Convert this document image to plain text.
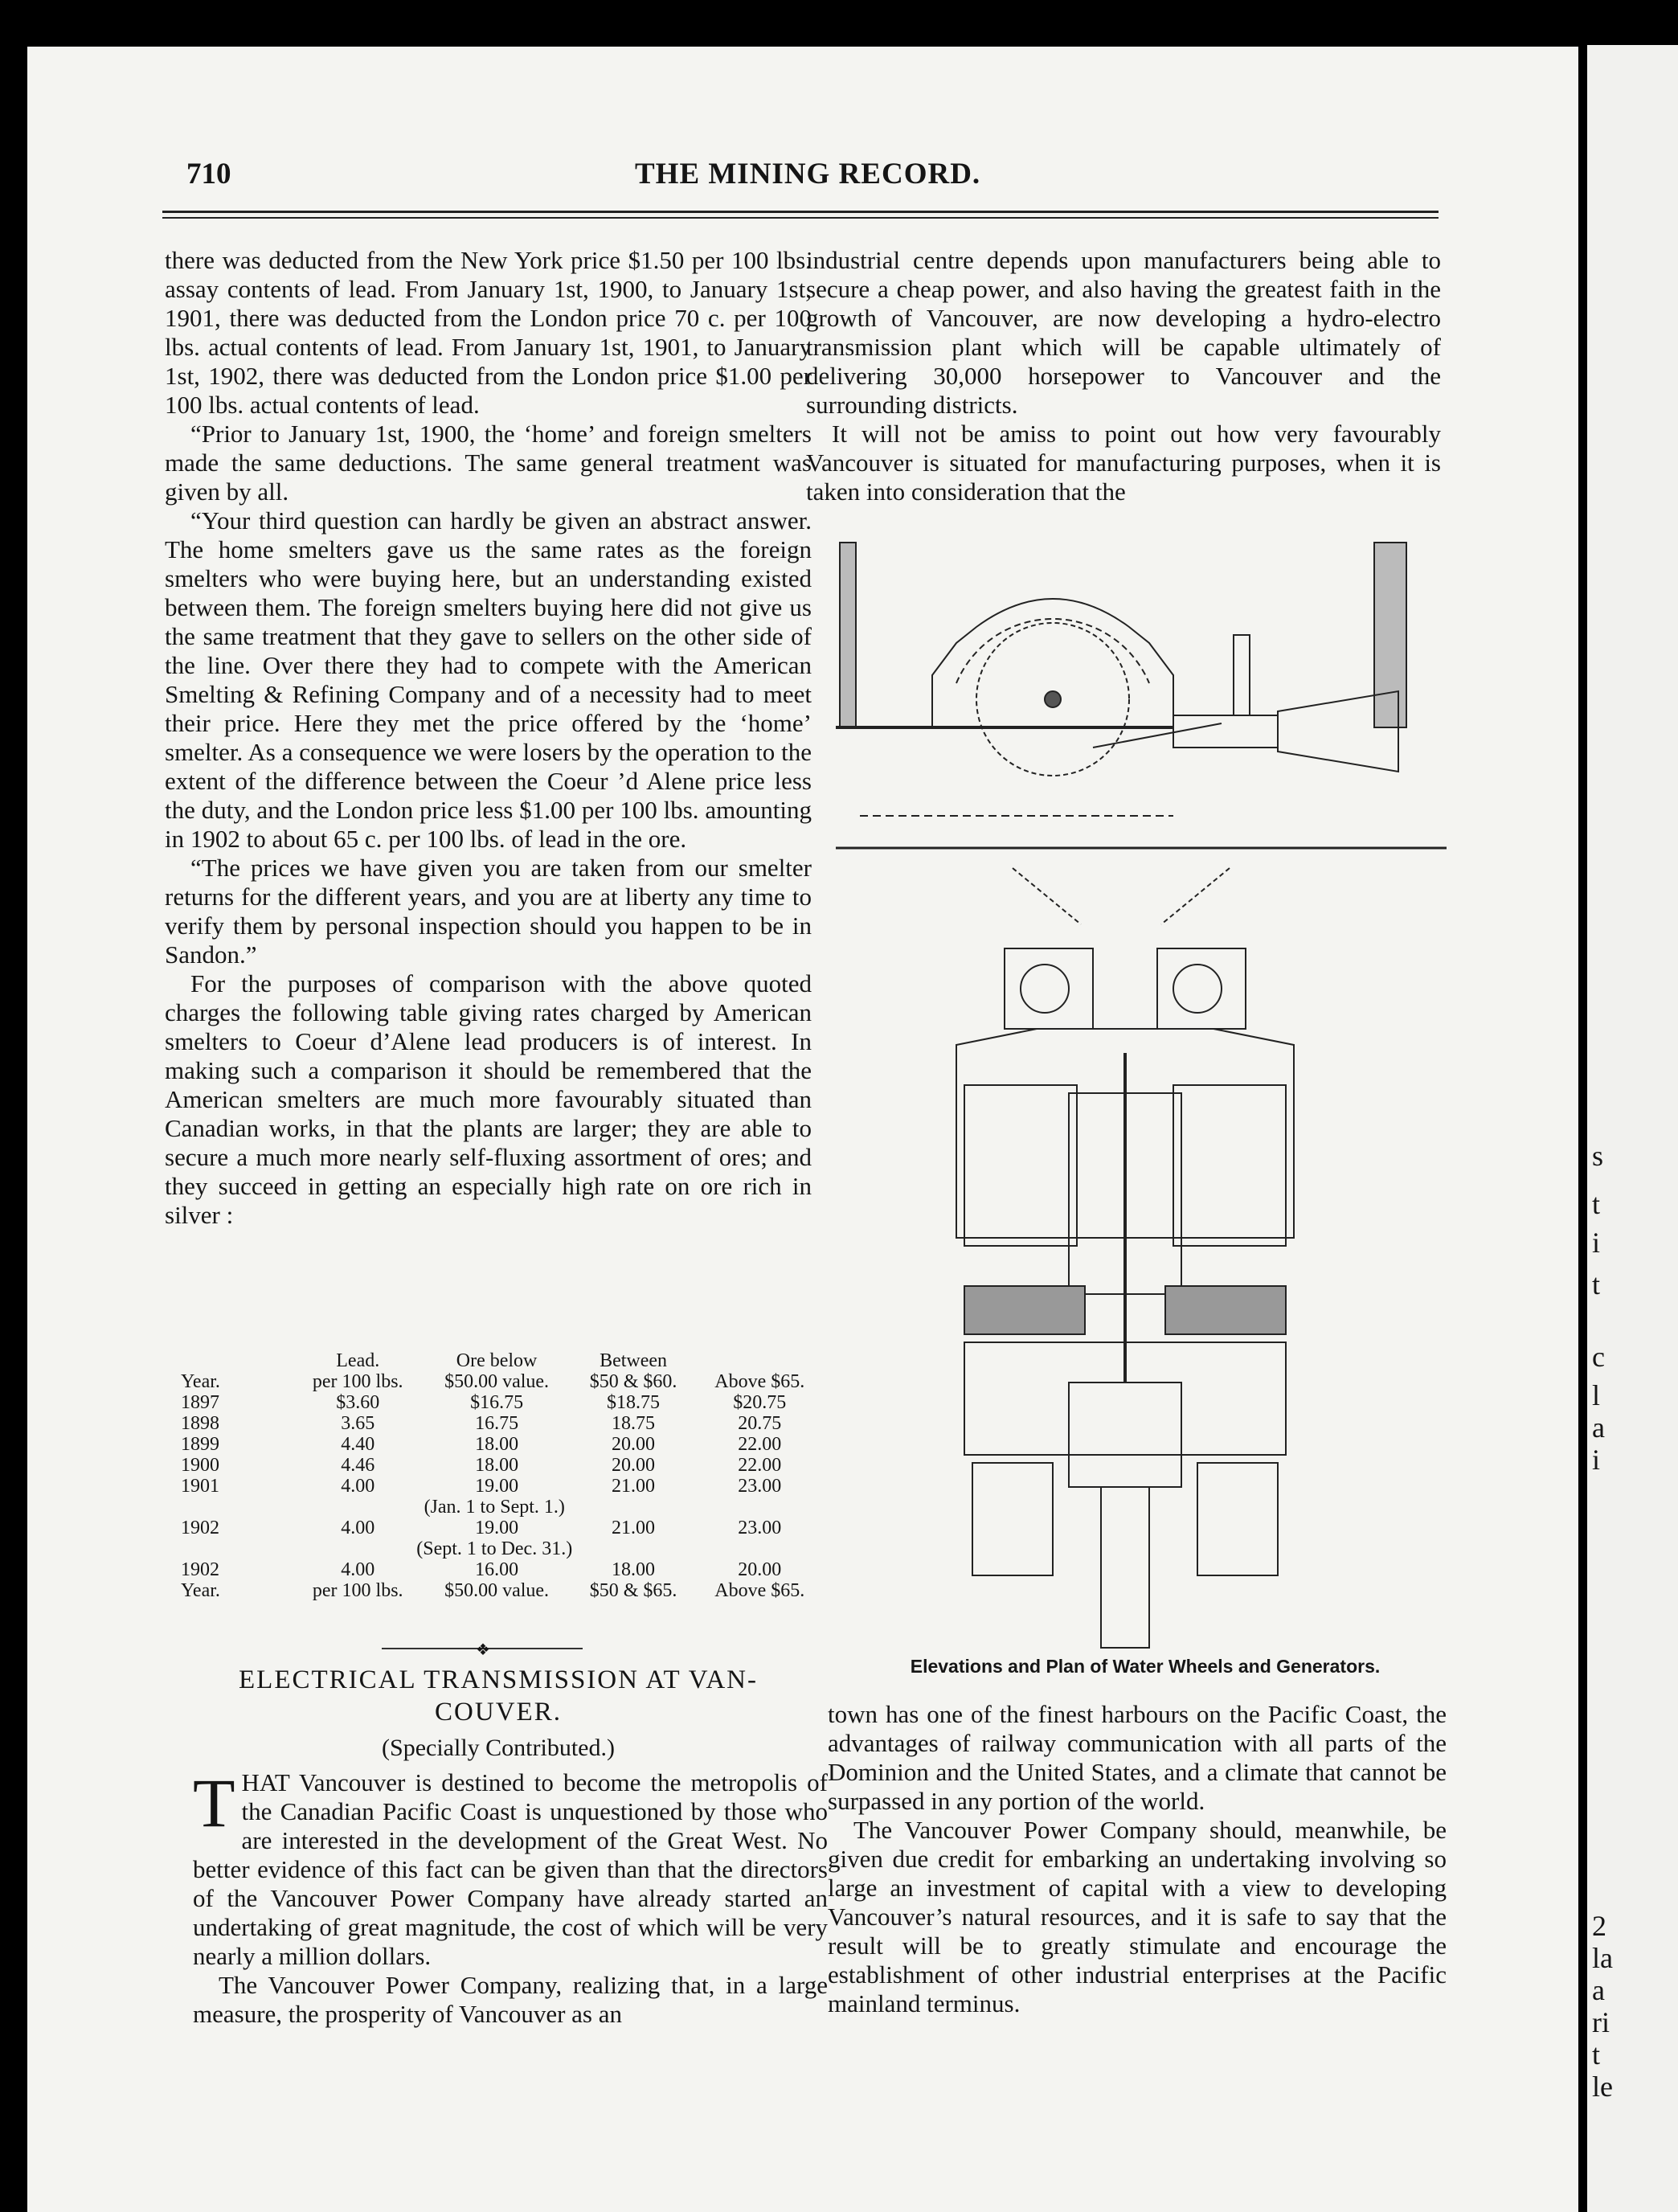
s
t
i
t
c
l
a
i
2
la
a
ri
t
le
710	THE MINING RECORD.

there was deducted from the New York price $1.50 per 100 lbs. assay contents of lead. From January 1st, 1900, to January 1st, 1901, there was deducted from the London price 70 c. per 100 lbs. actual contents of lead. From January 1st, 1901, to January 1st, 1902, there was deducted from the London price $1.00 per 100 lbs. actual contents of lead.

“Prior to January 1st, 1900, the ‘home’ and foreign smelters made the same deductions. The same general treatment was given by all.

“Your third question can hardly be given an abstract answer. The home smelters gave us the same rates as the foreign smelters who were buying here, but an understanding existed between them. The foreign smelters buying here did not give us the same treatment that they gave to sellers on the other side of the line. Over there they had to compete with the American Smelting & Refining Company and of a necessity had to meet their price. Here they met the price offered by the ‘home’ smelter. As a consequence we were losers by the operation to the extent of the difference between the Coeur ’d Alene price less the duty, and the London price less $1.00 per 100 lbs. amounting in 1902 to about 65 c. per 100 lbs. of lead in the ore.

“The prices we have given you are taken from our smelter returns for the different years, and you are at liberty any time to verify them by personal inspection should you happen to be in Sandon.”

For the purposes of comparison with the above quoted charges the following table giving rates charged by American smelters to Coeur d’Alene lead producers is of interest. In making such a comparison it should be remembered that the American smelters are much more favourably situated than Canadian works, in that the plants are larger; they are able to secure a much more nearly self-fluxing assortment of ores; and they succeed in getting an especially high rate on ore rich in silver :

	Lead.	Ore below	Between	
Year.	per 100 lbs.	$50.00 value.	$50 & $60.	Above $65.
1897	$3.60	$16.75	$18.75	$20.75
1898	3.65	16.75	18.75	20.75
1899	4.40	18.00	20.00	22.00
1900	4.46	18.00	20.00	22.00
1901	4.00	19.00	21.00	23.00
	(Jan. 1 to Sept. 1.)			
1902	4.00	19.00	21.00	23.00
	(Sept. 1 to Dec. 31.)			
1902	4.00	16.00	18.00	20.00
Year.	per 100 lbs.	$50.00 value.	$50 & $65.	Above $65.
❖
ELECTRICAL TRANSMISSION AT VAN-
COUVER.
(Specially Contributed.)

THAT Vancouver is destined to become the metropolis of the Canadian Pacific Coast is unquestioned by those who are interested in the development of the Great West. No better evidence of this fact can be given than that the directors of the Vancouver Power Company have already started an undertaking of great magnitude, the cost of which will be very nearly a million dollars.

The Vancouver Power Company, realizing that, in a large measure, the prosperity of Vancouver as an

industrial centre depends upon manufacturers being able to secure a cheap power, and also having the greatest faith in the growth of Vancouver, are now developing a hydro-electro transmission plant which will be capable ultimately of delivering 30,000 horsepower to Vancouver and the surrounding districts.

It will not be amiss to point out how very favourably Vancouver is situated for manufacturing purposes, when it is taken into consideration that the

Elevations and Plan of Water Wheels and Generators.

town has one of the finest harbours on the Pacific Coast, the advantages of railway communication with all parts of the Dominion and the United States, and a climate that cannot be surpassed in any portion of the world.

The Vancouver Power Company should, meanwhile, be given due credit for embarking an undertaking involving so large an investment of capital with a view to developing Vancouver’s natural resources, and it is safe to say that the result will be to greatly stimulate and encourage the establishment of other industrial enterprises at the Pacific mainland terminus.
